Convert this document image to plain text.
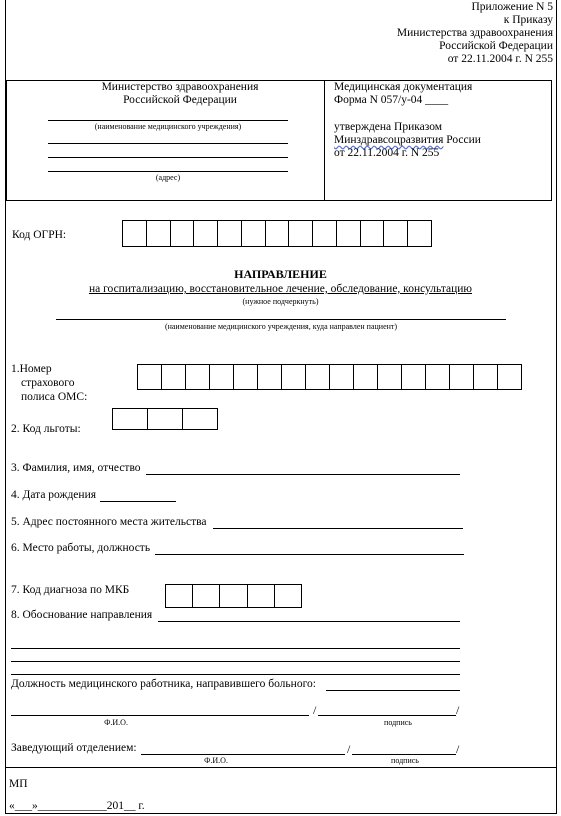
Приложение N 5
к Приказу
Министерства здравоохранения
Российской Федерации
от 22.11.2004 г. N 255
Министерство здравоохранения
Российской Федерации
(наименование медицинского учреждения)
(адрес)
Медицинская документация
Форма N 057/у-04 ____
утверждена Приказом
Минздравсоцразвития России
от 22.11.2004 г. N 255
Код ОГРН:
НАПРАВЛЕНИЕ
на госпитализацию, восстановительное лечение, обследование, консультацию
(нужное подчеркнуть)
(наименование медицинского учреждения, куда направлен пациент)
1.Номер
страхового
полиса ОМС:
2. Код льготы:
3. Фамилия, имя, отчество
4. Дата рождения
5. Адрес постоянного места жительства
6. Место работы, должность
7. Код диагноза по МКБ
8. Обоснование направления
Должность медицинского работника, направившего больного:
/	/
Ф.И.О.	подпись
Заведующий отделением:	/	/
Ф.И.О.	подпись
МП
«___»____________201__ г.
